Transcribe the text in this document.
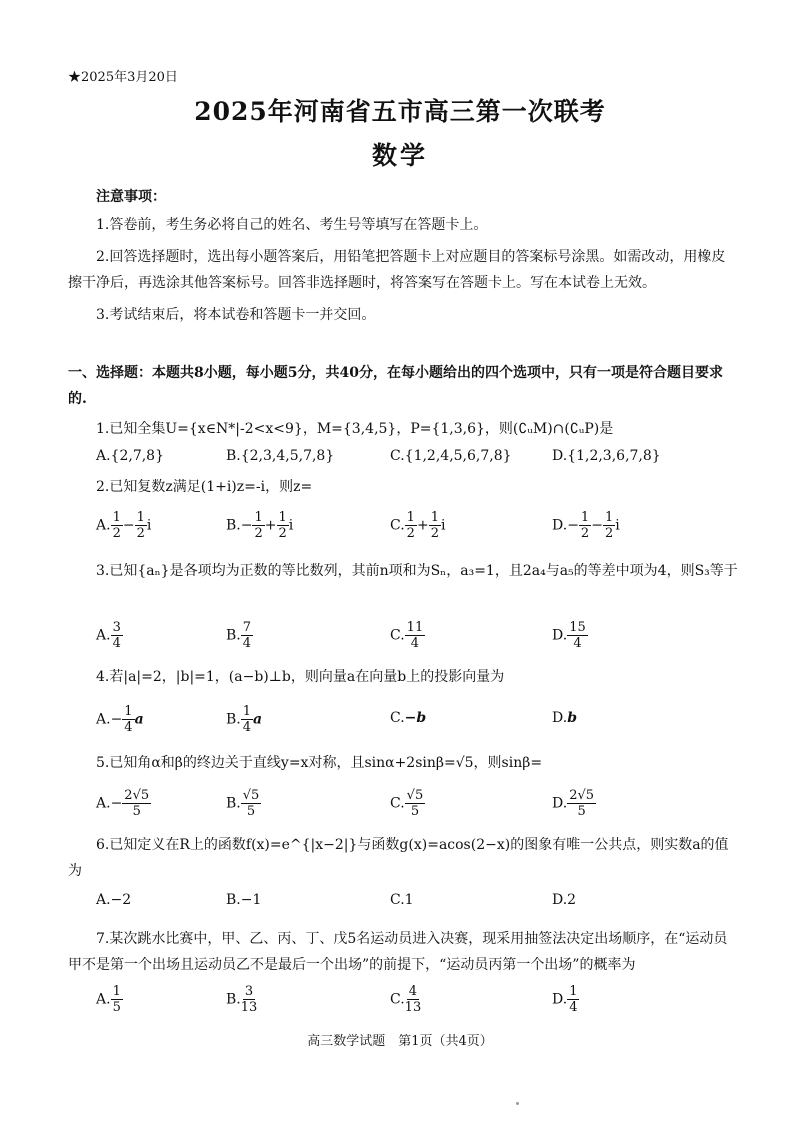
★2025年3月20日
2025年河南省五市高三第一次联考
数学
注意事项：
1.答卷前，考生务必将自己的姓名、考生号等填写在答题卡上。
2.回答选择题时，选出每小题答案后，用铅笔把答题卡上对应题目的答案标号涂黑。如需改动，用橡皮擦干净后，再选涂其他答案标号。回答非选择题时，将答案写在答题卡上。写在本试卷上无效。
3.考试结束后，将本试卷和答题卡一并交回。
一、选择题：本题共8小题，每小题5分，共40分，在每小题给出的四个选项中，只有一项是符合题目要求的.
1.已知全集U={x∈N*|-2<x<9}，M={3,4,5}，P={1,3,6}，则(∁ᵤM)∩(∁ᵤP)是
A.{2,7,8}	B.{2,3,4,5,7,8}	C.{1,2,4,5,6,7,8}	D.{1,2,3,6,7,8}
2.已知复数z满足(1+i)z=-i，则z=
A. $\frac{1}{2} - \frac{1}{2}$ i	$B.- \frac{1}{2} + \frac{1}{2}$ i	C. $\frac{1}{2} + \frac{1}{2}$ i	$D.- \frac{1}{2} - \frac{1}{2}$ i
3.已知{aₙ}是各项均为正数的等比数列，其前n项和为Sₙ，a₃=1，且2a₄与a₅的等差中项为4，则S₃等于
A. $\frac{3}{4}$	B. $\frac{7}{4}$	C. $\frac{11}{4}$	D. $\frac{15}{4}$
4.若|a|=2，|b|=1，(a−b)⊥b，则向量a在向量b上的投影向量为
$A.- \frac{1}{4}$ a	B. $\frac{1}{4}$ a	C.−b	D.b
5.已知角α和β的终边关于直线y=x对称，且sinα+2sinβ=√5，则sinβ=
$A.- \frac{2√5}{5}$	B. $\frac{√5}{5}$	C. $\frac{√5}{5}$	D. $\frac{2√5}{5}$
6.已知定义在R上的函数f(x)=e^{|x−2|}与函数g(x)=acos(2−x)的图象有唯一公共点，则实数a的值为
A.−2	B.−1	C.1	D.2
7.某次跳水比赛中，甲、乙、丙、丁、戊5名运动员进入决赛，现采用抽签法决定出场顺序，在“运动员甲不是第一个出场且运动员乙不是最后一个出场”的前提下，“运动员丙第一个出场”的概率为
A. $\frac{1}{5}$	B. $\frac{3}{13}$	C. $\frac{4}{13}$	D. $\frac{1}{4}$
高三数学试题　第1页（共4页）
